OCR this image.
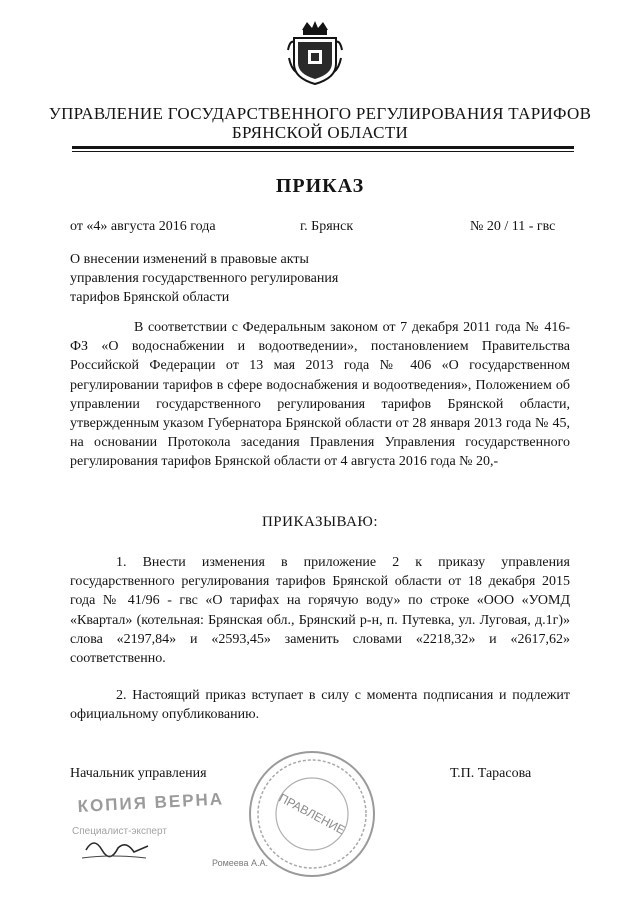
УПРАВЛЕНИЕ ГОСУДАРСТВЕННОГО РЕГУЛИРОВАНИЯ ТАРИФОВ
БРЯНСКОЙ ОБЛАСТИ
ПРИКАЗ
от «4» августа 2016 года	г. Брянск	№ 20 / 11 - гвс
О внесении изменений в правовые акты
управления государственного регулирования
тарифов Брянской области
В соответствии с Федеральным законом от 7 декабря 2011 года № 416-ФЗ «О водоснабжении и водоотведении», постановлением Правительства Российской Федерации от 13 мая 2013 года № 406 «О государственном регулировании тарифов в сфере водоснабжения и водоотведения», Положением об управлении государственного регулирования тарифов Брянской области, утвержденным указом Губернатора Брянской области от 28 января 2013 года № 45, на основании Протокола заседания Правления Управления государственного регулирования тарифов Брянской области от 4 августа 2016 года № 20,-
ПРИКАЗЫВАЮ:
1. Внести изменения в приложение 2 к приказу управления государственного регулирования тарифов Брянской области от 18 декабря 2015 года № 41/96 - гвс «О тарифах на горячую воду» по строке «ООО «УОМД «Квартал» (котельная: Брянская обл., Брянский р-н, п. Путевка, ул. Луговая, д.1г)» слова «2197,84» и «2593,45» заменить словами «2218,32» и «2617,62» соответственно.
2. Настоящий приказ вступает в силу с момента подписания и подлежит официальному опубликованию.
Начальник управления	Т.П. Тарасова
ПРАВЛЕНИЕ
КОПИЯ ВЕРНА
Специалист-эксперт
Ромеева А.А.
